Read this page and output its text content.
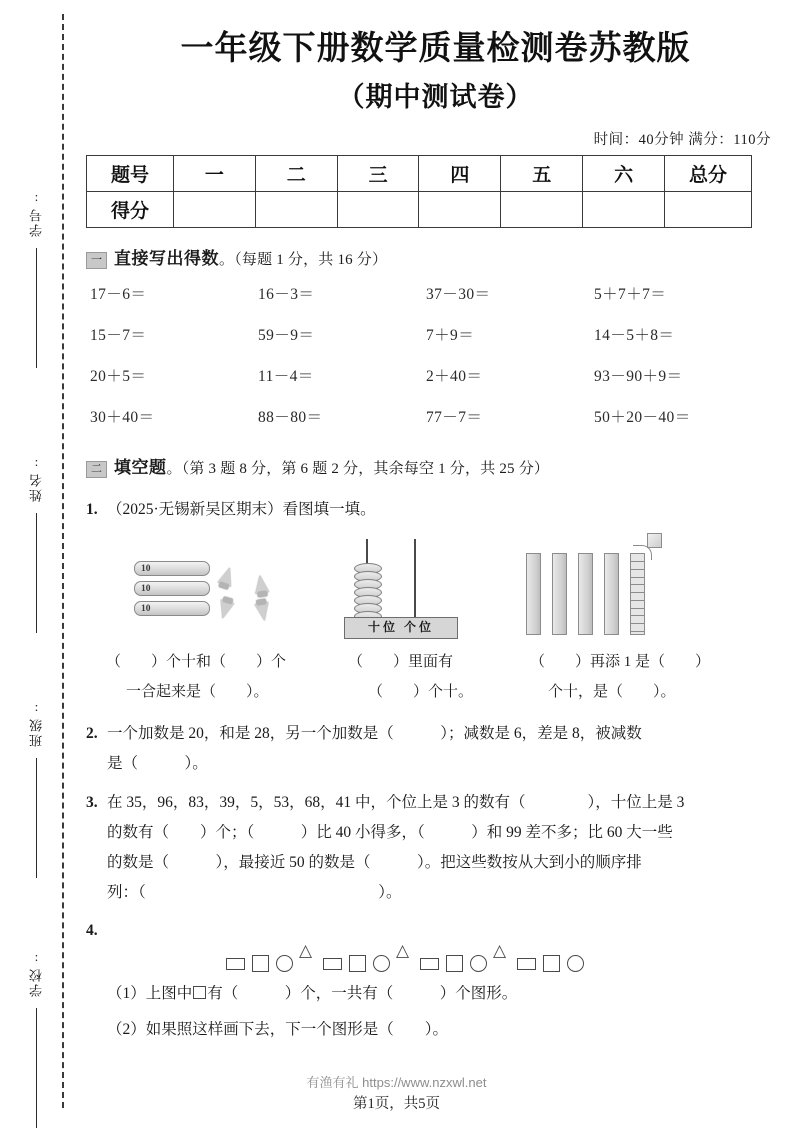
学号:
姓名:
班级:
学校:
一年级下册数学质量检测卷苏教版
（期中测试卷）
时间：40分钟 满分：110分
题号	一	二	三	四	五	六	总分
得分							
一 直接写出得数 。（每题 1 分，共 16 分）
17－6＝	16－3＝	37－30＝	5＋7＋7＝
15－7＝	59－9＝	7＋9＝	14－5＋8＝
20＋5＝	11－4＝	2＋40＝	93－90＋9＝
30＋40＝	88－80＝	77－7＝	50＋20－40＝
二 填空题 。（第 3 题 8 分，第 6 题 2 分，其余每空 1 分，共 25 分）
1. （2025·无锡新吴区期末）看图填一填。
10
10
10
十位 个位
（　　）个十和（　　）个	（　　）里面有	（　　）再添 1 是（　　）
一合起来是（　　）。	（　　）个十。	个十，是（　　）。
2. 一个加数是 20，和是 28，另一个加数是（　　　）；减数是 6，差是 8，被减数
是（　　　）。
3. 在 35，96，83，39，5，53，68，41 中，个位上是 3 的数有（　　　　），十位上是 3
的数有（　　）个；（　　　）比 40 小得多，（　　　）和 99 差不多；比 60 大一些
的数是（　　　），最接近 50 的数是（　　　）。把这些数按从大到小的顺序排
列：（　　　　　　　　　　　　　　　）。
4.
△
△
△
（1）上图中 有（　　　）个，一共有（　　　）个图形。
（2）如果照这样画下去，下一个图形是（　　）。
有渔有礼 https://www.nzxwl.net
第1页，共5页
